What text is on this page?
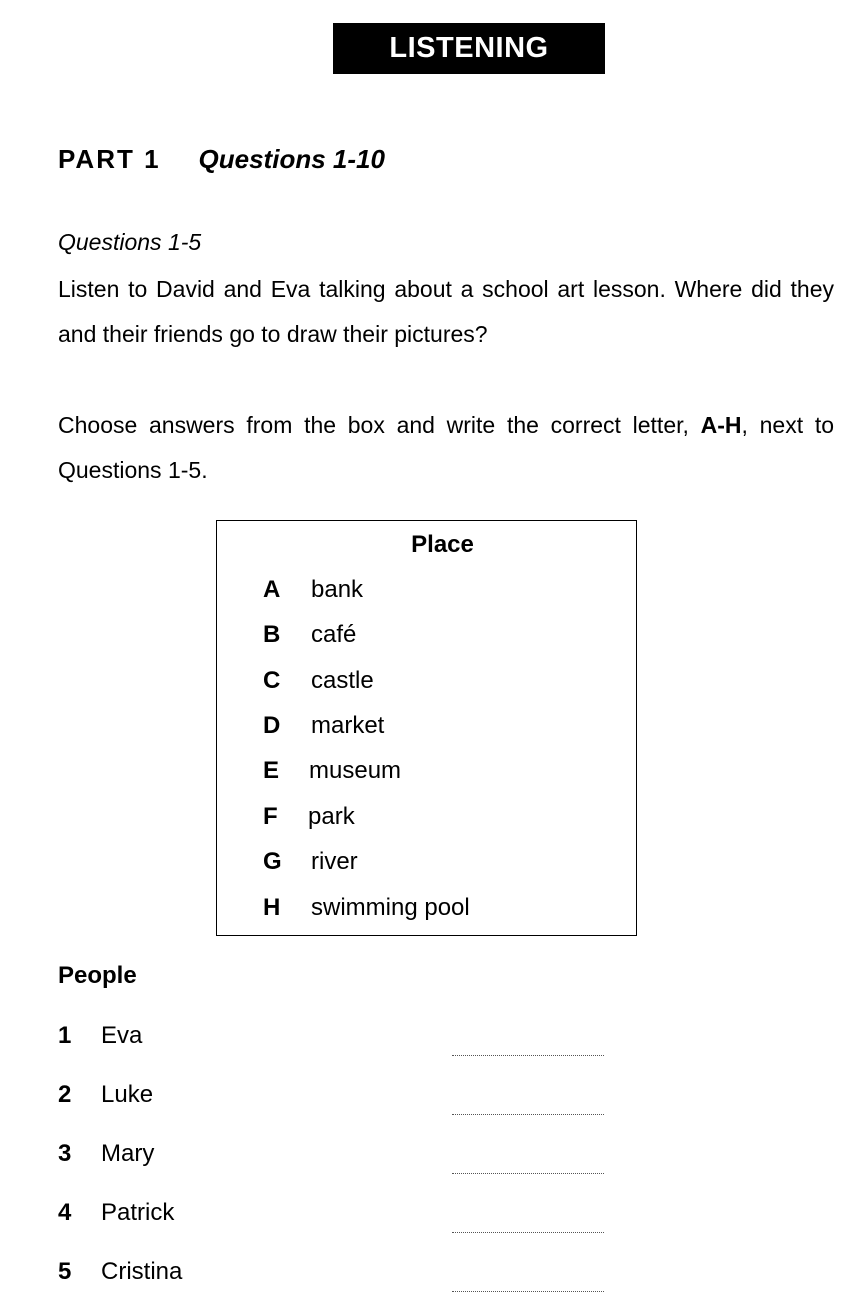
LISTENING
PART 1 Questions 1-10
Questions 1-5
Listen to David and Eva talking about a school art lesson. Where did they and their friends go to draw their pictures?
Choose answers from the box and write the correct letter, A-H, next to Questions 1-5.
Place
A bank
B café
C castle
D market
E museum
F park
G river
H swimming pool
People
1 Eva
2 Luke
3 Mary
4 Patrick
5 Cristina
